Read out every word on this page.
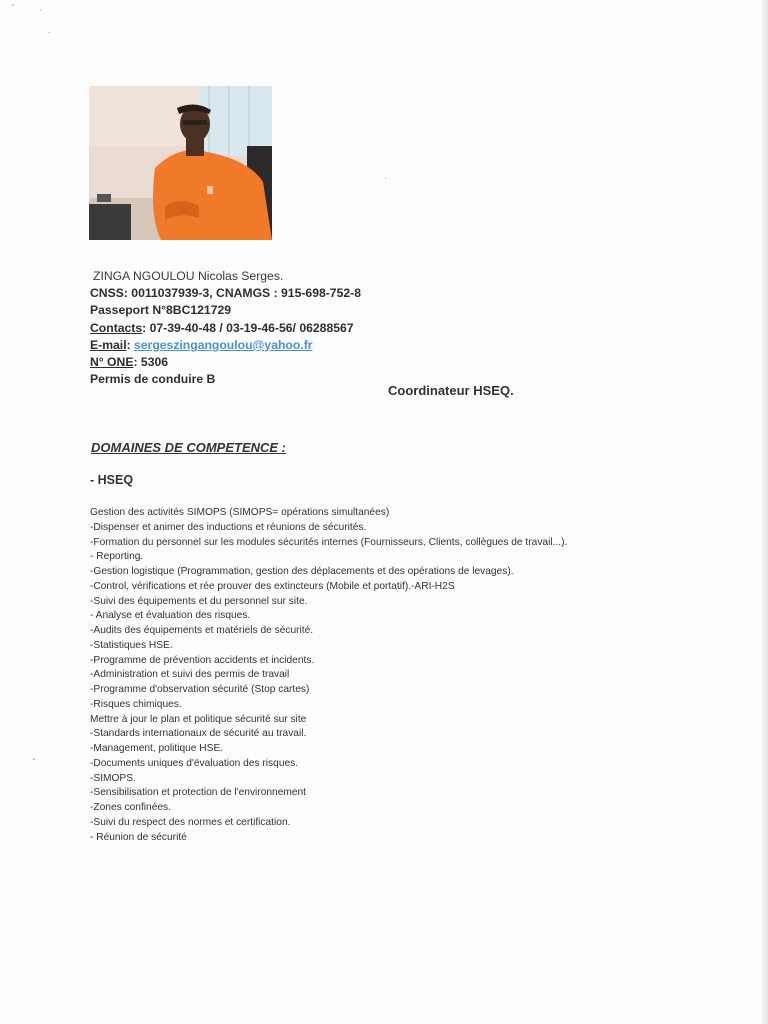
ZINGA NGOULOU Nicolas Serges.
CNSS: 0011037939-3, CNAMGS : 915-698-752-8
Passeport N°8BC121729
Contacts: 07-39-40-48 / 03-19-46-56/ 06288567
E-mail: sergeszingangoulou@yahoo.fr
N° ONE: 5306
Permis de conduire B
Coordinateur HSEQ.
DOMAINES DE COMPETENCE :
- HSEQ
Gestion des activités SIMOPS (SIMOPS= opérations simultanées)
-Dispenser et animer des inductions et réunions de sécurités.
-Formation du personnel sur les modules sécurités internes (Fournisseurs, Clients, collègues de travail...).
- Reporting.
-Gestion logistique (Programmation, gestion des déplacements et des opérations de levages).
-Control, vérifications et rée prouver des extincteurs (Mobile et portatif).-ARI-H2S
-Suivi des équipements et du personnel sur site.
- Analyse et évaluation des risques.
-Audits des équipements et matériels de sécurité.
-Statistiques HSE.
-Programme de prévention accidents et incidents.
-Administration et suivi des permis de travail
-Programme d'observation sécurité (Stop cartes)
-Risques chimiques.
Mettre à jour le plan et politique sécurité sur site
-Standards internationaux de sécurité au travail.
-Management, politique HSE.
-Documents uniques d'évaluation des risques.
-SIMOPS.
-Sensibilisation et protection de l'environnement
-Zones confinées.
-Suivi du respect des normes et certification.
- Réunion de sécurité
